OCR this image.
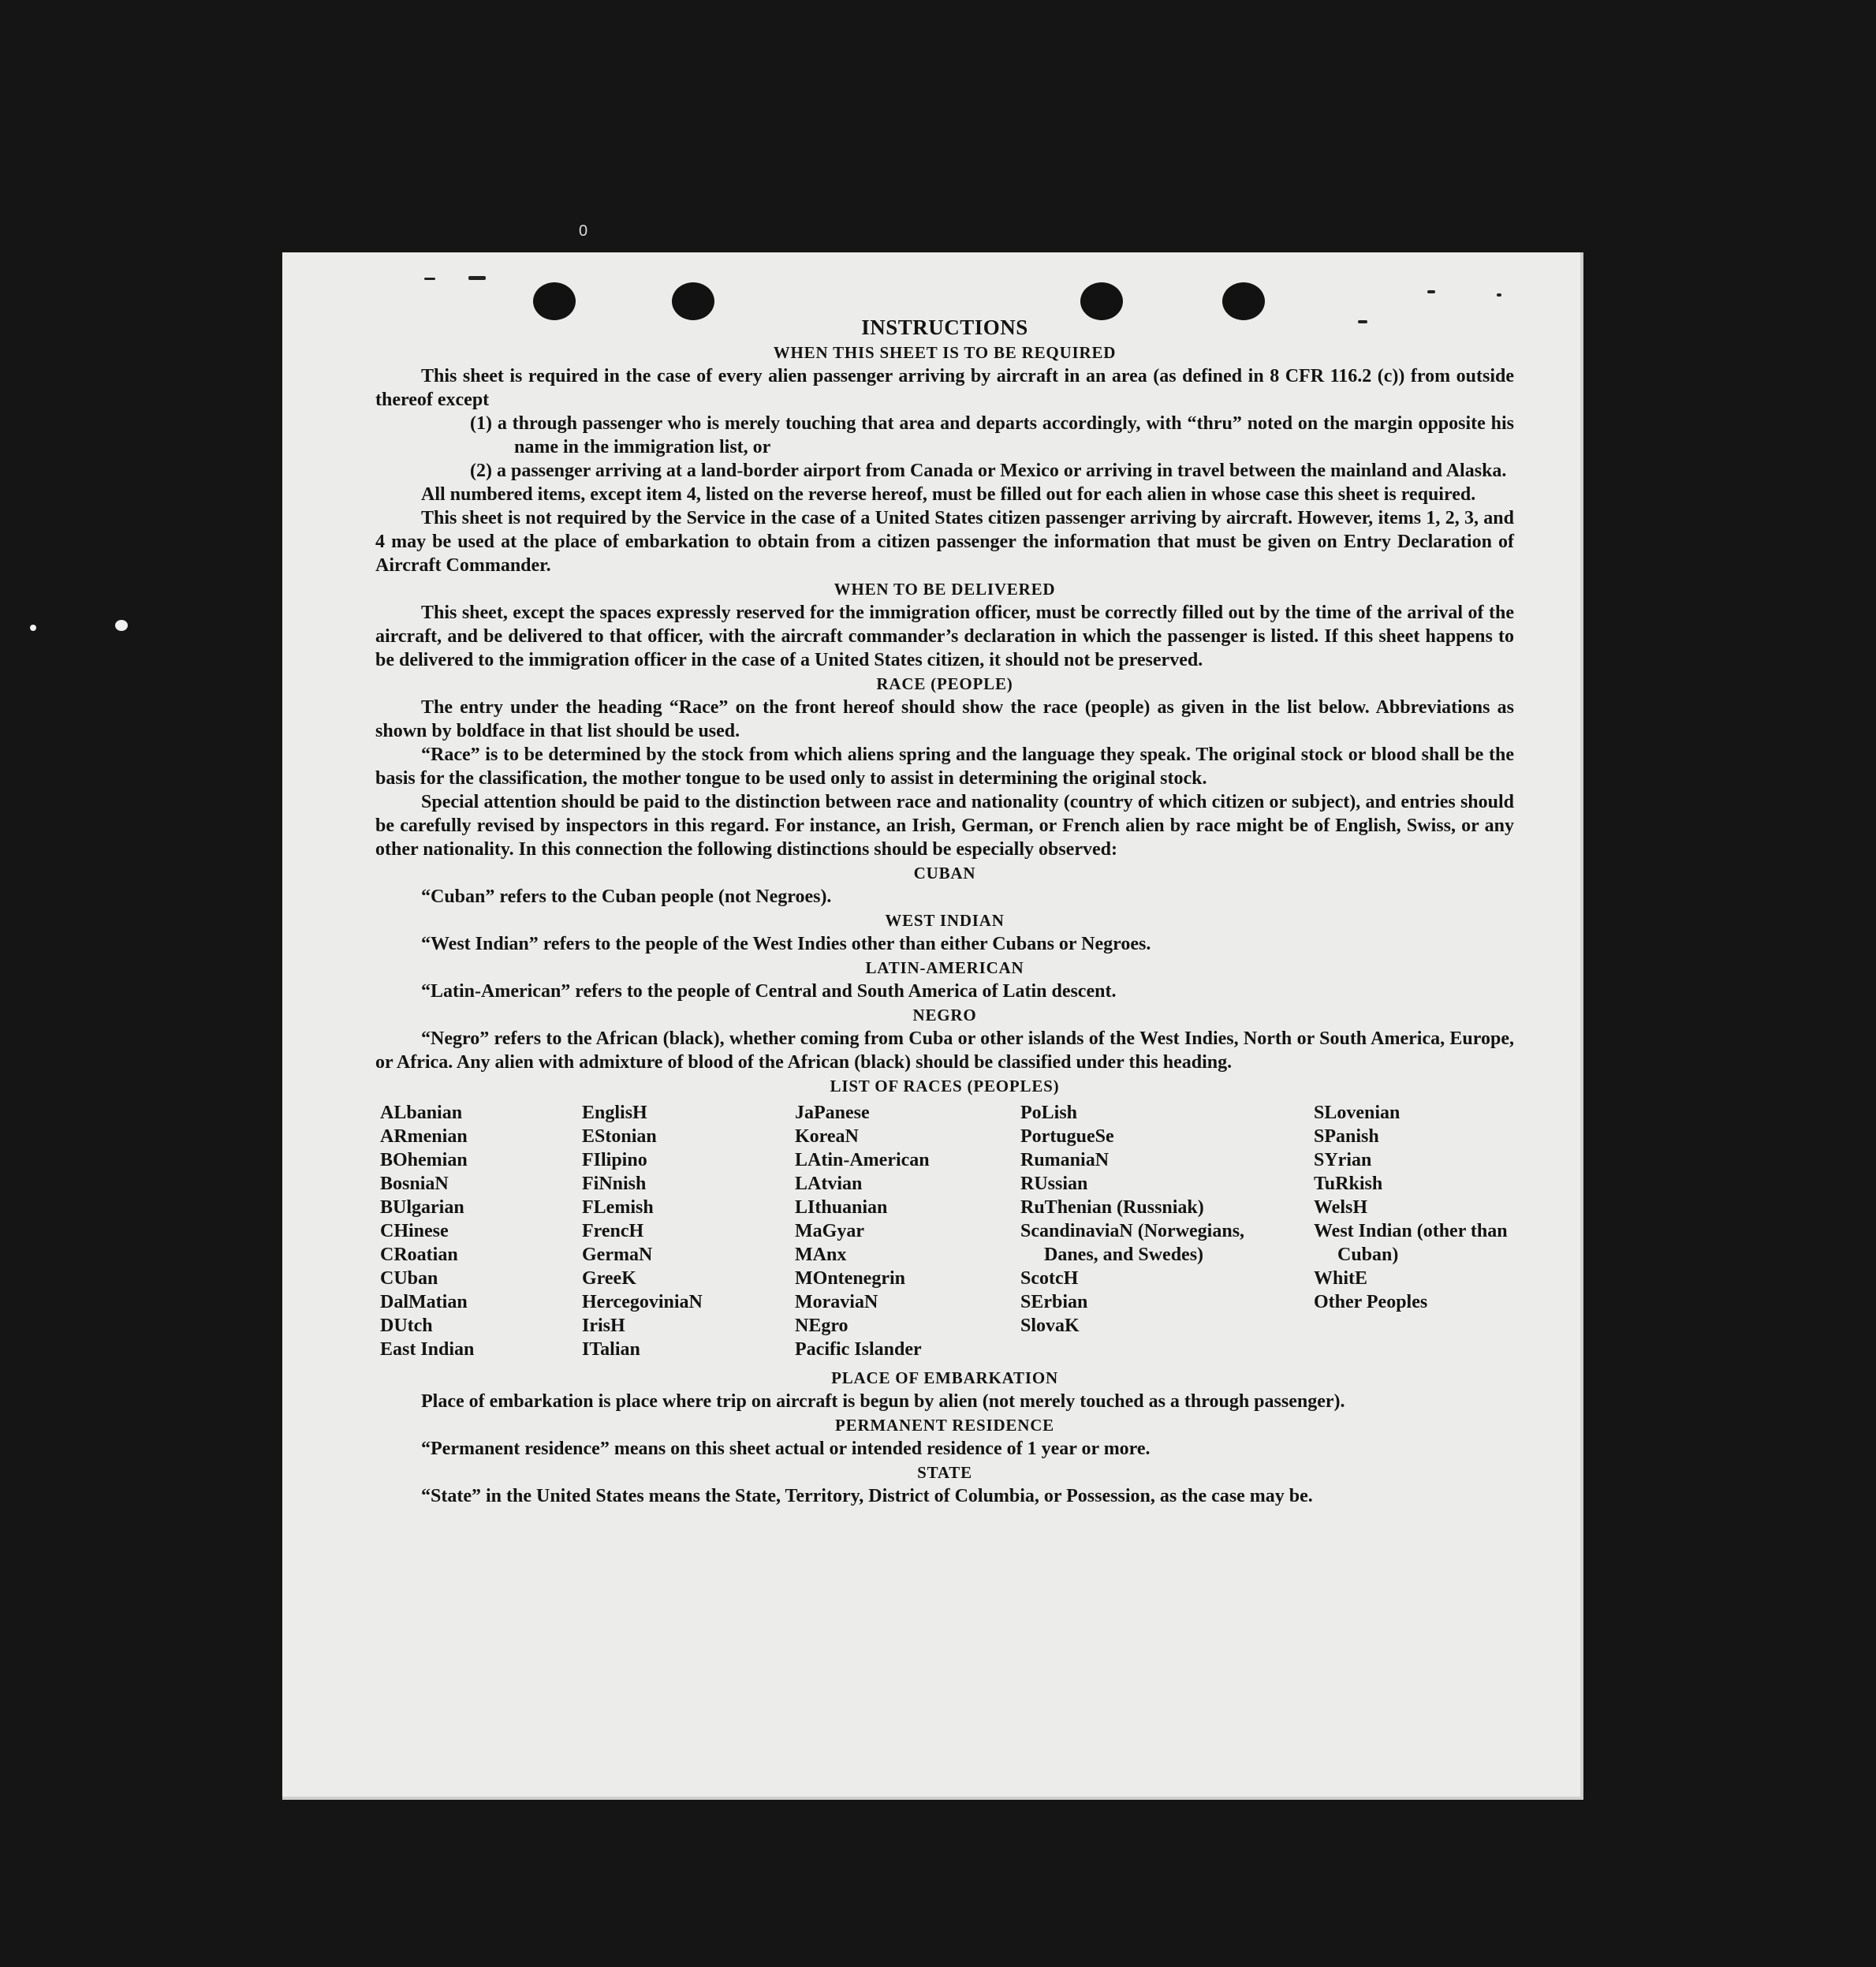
0
INSTRUCTIONS
WHEN THIS SHEET IS TO BE REQUIRED

This sheet is required in the case of every alien passenger arriving by aircraft in an area (as defined in 8 CFR 116.2 (c)) from outside thereof except

(1) a through passenger who is merely touching that area and departs accordingly, with “thru” noted on the margin opposite his name in the immigration list, or

(2) a passenger arriving at a land-border airport from Canada or Mexico or arriving in travel between the mainland and Alaska.

All numbered items, except item 4, listed on the reverse hereof, must be filled out for each alien in whose case this sheet is required.

This sheet is not required by the Service in the case of a United States citizen passenger arriving by aircraft. However, items 1, 2, 3, and 4 may be used at the place of embarkation to obtain from a citizen passenger the information that must be given on Entry Declaration of Aircraft Commander.

WHEN TO BE DELIVERED

This sheet, except the spaces expressly reserved for the immigration officer, must be correctly filled out by the time of the arrival of the aircraft, and be delivered to that officer, with the aircraft commander’s declaration in which the passenger is listed. If this sheet happens to be delivered to the immigration officer in the case of a United States citizen, it should not be preserved.

RACE (PEOPLE)

The entry under the heading “Race” on the front hereof should show the race (people) as given in the list below. Abbreviations as shown by boldface in that list should be used.

“Race” is to be determined by the stock from which aliens spring and the language they speak. The original stock or blood shall be the basis for the classification, the mother tongue to be used only to assist in determining the original stock.

Special attention should be paid to the distinction between race and nationality (country of which citizen or subject), and entries should be carefully revised by inspectors in this regard. For instance, an Irish, German, or French alien by race might be of English, Swiss, or any other nationality. In this connection the following distinctions should be especially observed:

CUBAN

“Cuban” refers to the Cuban people (not Negroes).

WEST INDIAN

“West Indian” refers to the people of the West Indies other than either Cubans or Negroes.

LATIN-AMERICAN

“Latin-American” refers to the people of Central and South America of Latin descent.

NEGRO

“Negro” refers to the African (black), whether coming from Cuba or other islands of the West Indies, North or South America, Europe, or Africa. Any alien with admixture of blood of the African (black) should be classified under this heading.

LIST OF RACES (PEOPLES)
ALbanian
ARmenian
BOhemian
BosniaN
BUlgarian
CHinese
CRoatian
CUban
DalMatian
DUtch
East Indian
EnglisH
EStonian
FIlipino
FiNnish
FLemish
FrencH
GermaN
GreeK
HercegoviniaN
IrisH
ITalian
JaPanese
KoreaN
LAtin-American
LAtvian
LIthuanian
MaGyar
MAnx
MOntenegrin
MoraviaN
NEgro
Pacific Islander
PoLish
PortugueSe
RumaniaN
RUssian
RuThenian (Russniak)
ScandinaviaN (Norwegians, Danes, and Swedes)
ScotcH
SErbian
SlovaK
SLovenian
SPanish
SYrian
TuRkish
WelsH
West Indian (other than Cuban)
WhitE
Other Peoples
PLACE OF EMBARKATION

Place of embarkation is place where trip on aircraft is begun by alien (not merely touched as a through passenger).

PERMANENT RESIDENCE

“Permanent residence” means on this sheet actual or intended residence of 1 year or more.

STATE

“State” in the United States means the State, Territory, District of Columbia, or Possession, as the case may be.
